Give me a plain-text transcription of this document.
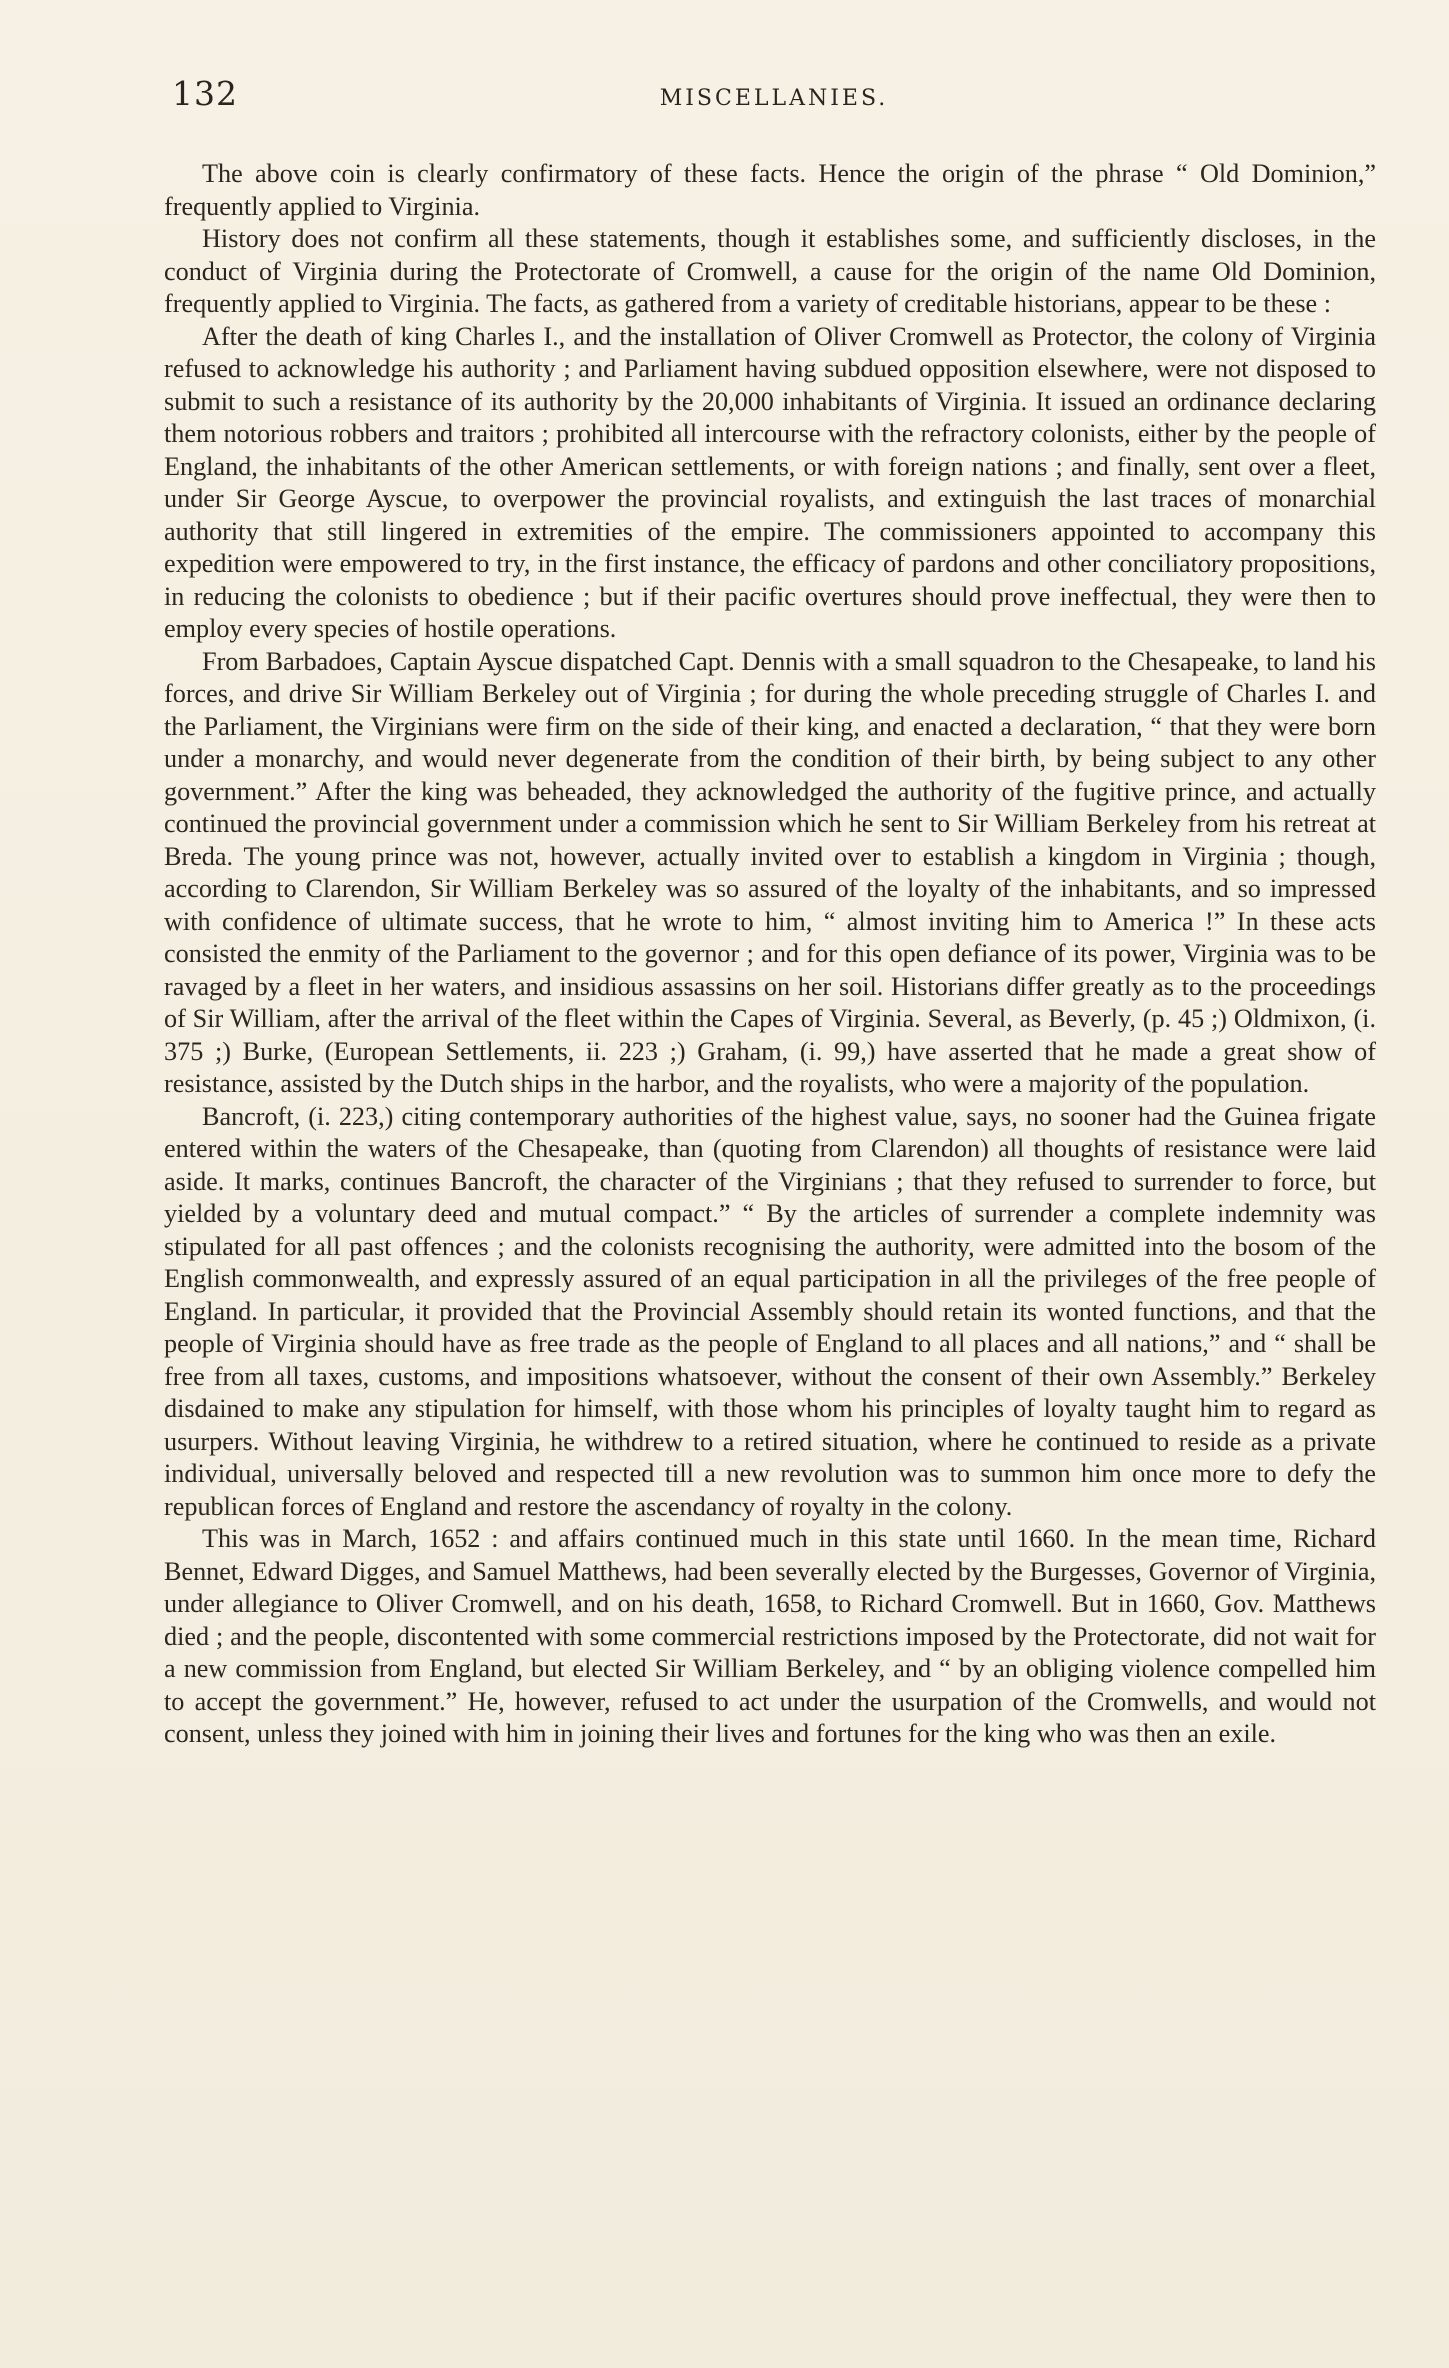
132	MISCELLANIES.

The above coin is clearly confirmatory of these facts. Hence the origin of the phrase “ Old Dominion,” frequently applied to Virginia.

History does not confirm all these statements, though it establishes some, and sufficiently discloses, in the conduct of Virginia during the Protectorate of Cromwell, a cause for the origin of the name Old Dominion, frequently applied to Virginia. The facts, as gathered from a variety of creditable historians, appear to be these :

After the death of king Charles I., and the installation of Oliver Cromwell as Protector, the colony of Virginia refused to acknowledge his authority ; and Parliament having subdued opposition elsewhere, were not disposed to submit to such a resistance of its authority by the 20,000 inhabitants of Virginia. It issued an ordinance declaring them notorious robbers and traitors ; prohibited all intercourse with the refractory colonists, either by the people of England, the inhabitants of the other American settlements, or with foreign nations ; and finally, sent over a fleet, under Sir George Ayscue, to overpower the provincial royalists, and extinguish the last traces of monarchial authority that still lingered in extremities of the empire. The commissioners appointed to accompany this expedition were empowered to try, in the first instance, the efficacy of pardons and other conciliatory propositions, in reducing the colonists to obedience ; but if their pacific overtures should prove ineffectual, they were then to employ every species of hostile operations.

From Barbadoes, Captain Ayscue dispatched Capt. Dennis with a small squadron to the Chesapeake, to land his forces, and drive Sir William Berkeley out of Virginia ; for during the whole preceding struggle of Charles I. and the Parliament, the Virginians were firm on the side of their king, and enacted a declaration, “ that they were born under a monarchy, and would never degenerate from the condition of their birth, by being subject to any other government.” After the king was beheaded, they acknowledged the authority of the fugitive prince, and actually continued the provincial government under a commission which he sent to Sir William Berkeley from his retreat at Breda. The young prince was not, however, actually invited over to establish a kingdom in Virginia ; though, according to Clarendon, Sir William Berkeley was so assured of the loyalty of the inhabitants, and so impressed with confidence of ultimate success, that he wrote to him, “ almost inviting him to America !” In these acts consisted the enmity of the Parliament to the governor ; and for this open defiance of its power, Virginia was to be ravaged by a fleet in her waters, and insidious assassins on her soil. Historians differ greatly as to the proceedings of Sir William, after the arrival of the fleet within the Capes of Virginia. Several, as Beverly, (p. 45 ;) Oldmixon, (i. 375 ;) Burke, (European Settlements, ii. 223 ;) Graham, (i. 99,) have asserted that he made a great show of resistance, assisted by the Dutch ships in the harbor, and the royalists, who were a majority of the population.

Bancroft, (i. 223,) citing contemporary authorities of the highest value, says, no sooner had the Guinea frigate entered within the waters of the Chesapeake, than (quoting from Clarendon) all thoughts of resistance were laid aside. It marks, continues Bancroft, the character of the Virginians ; that they refused to surrender to force, but yielded by a voluntary deed and mutual compact.” “ By the articles of surrender a complete indemnity was stipulated for all past offences ; and the colonists recognising the authority, were admitted into the bosom of the English commonwealth, and expressly assured of an equal participation in all the privileges of the free people of England. In particular, it provided that the Provincial Assembly should retain its wonted functions, and that the people of Virginia should have as free trade as the people of England to all places and all nations,” and “ shall be free from all taxes, customs, and impositions whatsoever, without the consent of their own Assembly.” Berkeley disdained to make any stipulation for himself, with those whom his principles of loyalty taught him to regard as usurpers. Without leaving Virginia, he withdrew to a retired situation, where he continued to reside as a private individual, universally beloved and respected till a new revolution was to summon him once more to defy the republican forces of England and restore the ascendancy of royalty in the colony.

This was in March, 1652 : and affairs continued much in this state until 1660. In the mean time, Richard Bennet, Edward Digges, and Samuel Matthews, had been severally elected by the Burgesses, Governor of Virginia, under allegiance to Oliver Cromwell, and on his death, 1658, to Richard Cromwell. But in 1660, Gov. Matthews died ; and the people, discontented with some commercial restrictions imposed by the Protectorate, did not wait for a new commission from England, but elected Sir William Berkeley, and “ by an obliging violence compelled him to accept the government.” He, however, refused to act under the usurpation of the Cromwells, and would not consent, unless they joined with him in joining their lives and fortunes for the king who was then an exile.
